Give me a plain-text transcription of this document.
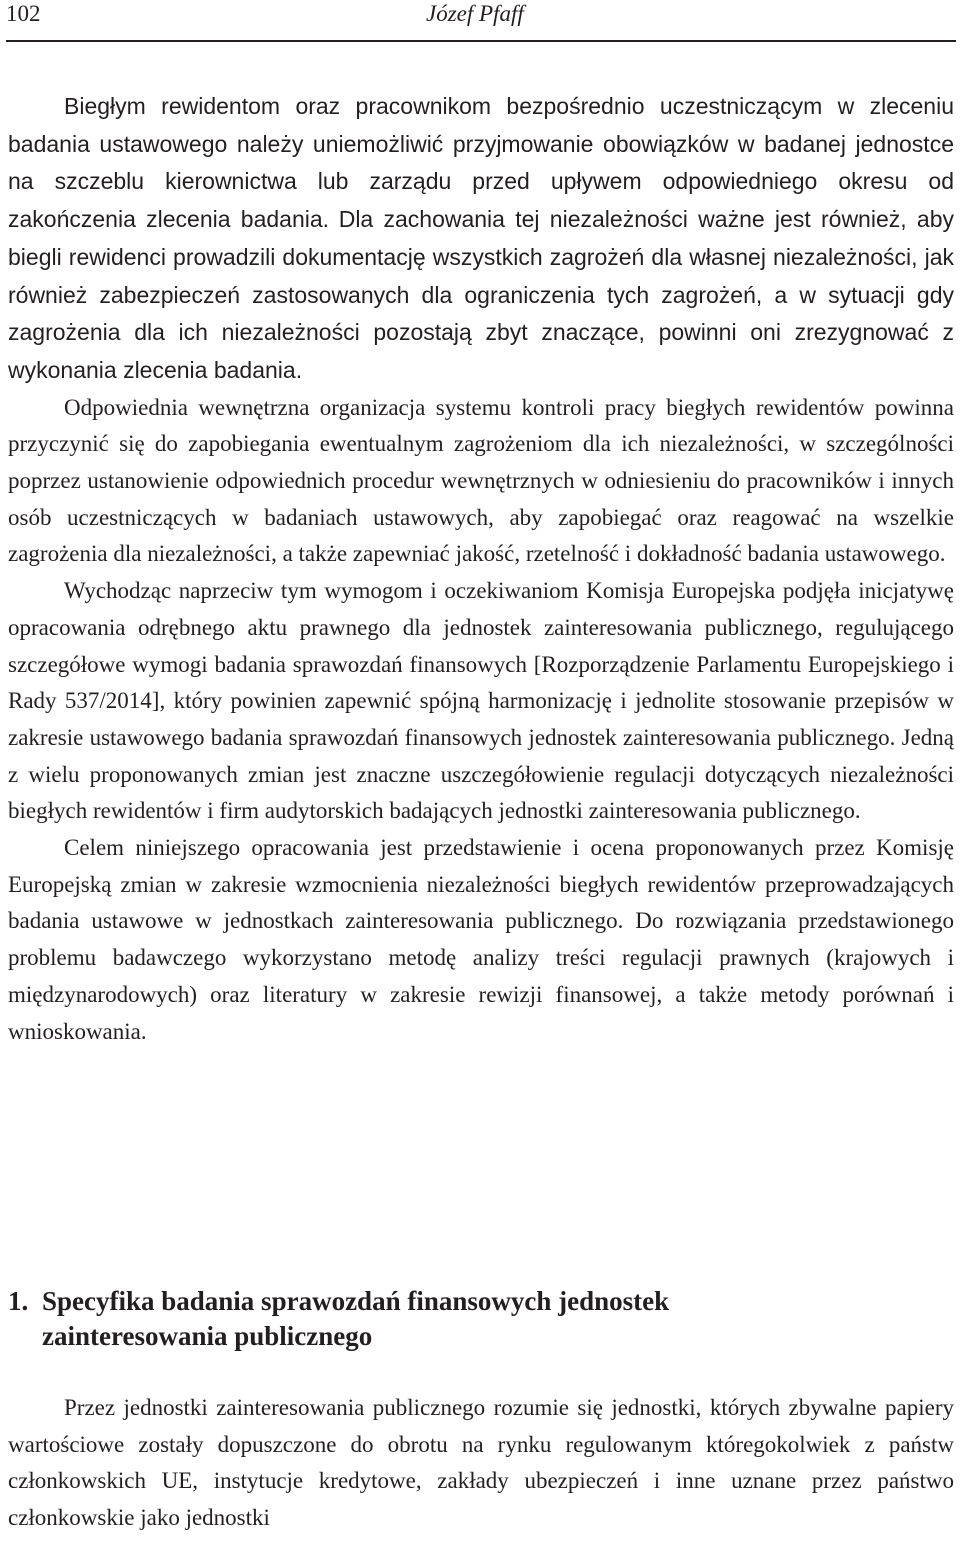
102	Józef Pfaff

Biegłym rewidentom oraz pracownikom bezpośrednio uczestniczącym w zleceniu badania ustawowego należy uniemożliwić przyjmowanie obowiązków w badanej jednostce na szczeblu kierownictwa lub zarządu przed upływem odpowiedniego okresu od zakończenia zlecenia badania. Dla zachowania tej niezależności ważne jest również, aby biegli rewidenci prowadzili dokumentację wszystkich zagrożeń dla własnej niezależności, jak również zabezpieczeń zastosowanych dla ograniczenia tych zagrożeń, a w sytuacji gdy zagrożenia dla ich niezależności pozostają zbyt znaczące, powinni oni zrezygnować z wykonania zlecenia badania.

Odpowiednia wewnętrzna organizacja systemu kontroli pracy biegłych rewidentów powinna przyczynić się do zapobiegania ewentualnym zagrożeniom dla ich niezależności, w szczególności poprzez ustanowienie odpowiednich procedur wewnętrznych w odniesieniu do pracowników i innych osób uczestniczących w badaniach ustawowych, aby zapobiegać oraz reagować na wszelkie zagrożenia dla niezależności, a także zapewniać jakość, rzetelność i dokładność badania ustawowego.

Wychodząc naprzeciw tym wymogom i oczekiwaniom Komisja Europejska podjęła inicjatywę opracowania odrębnego aktu prawnego dla jednostek zainteresowania publicznego, regulującego szczegółowe wymogi badania sprawozdań finansowych [Rozporządzenie Parlamentu Europejskiego i Rady 537/2014], który powinien zapewnić spójną harmonizację i jednolite stosowanie przepisów w zakresie ustawowego badania sprawozdań finansowych jednostek zainteresowania publicznego. Jedną z wielu proponowanych zmian jest znaczne uszczegółowienie regulacji dotyczących niezależności biegłych rewidentów i firm audytorskich badających jednostki zainteresowania publicznego.

Celem niniejszego opracowania jest przedstawienie i ocena proponowanych przez Komisję Europejską zmian w zakresie wzmocnienia niezależności biegłych rewidentów przeprowadzających badania ustawowe w jednostkach zainteresowania publicznego. Do rozwiązania przedstawionego problemu badawczego wykorzystano metodę analizy treści regulacji prawnych (krajowych i międzynarodowych) oraz literatury w zakresie rewizji finansowej, a także metody porównań i wnioskowania.

1. Specyfika badania sprawozdań finansowych jednostek
zainteresowania publicznego

Przez jednostki zainteresowania publicznego rozumie się jednostki, których zbywalne papiery wartościowe zostały dopuszczone do obrotu na rynku regulowanym któregokolwiek z państw członkowskich UE, instytucje kredytowe, zakłady ubezpieczeń i inne uznane przez państwo członkowskie jako jednostki
